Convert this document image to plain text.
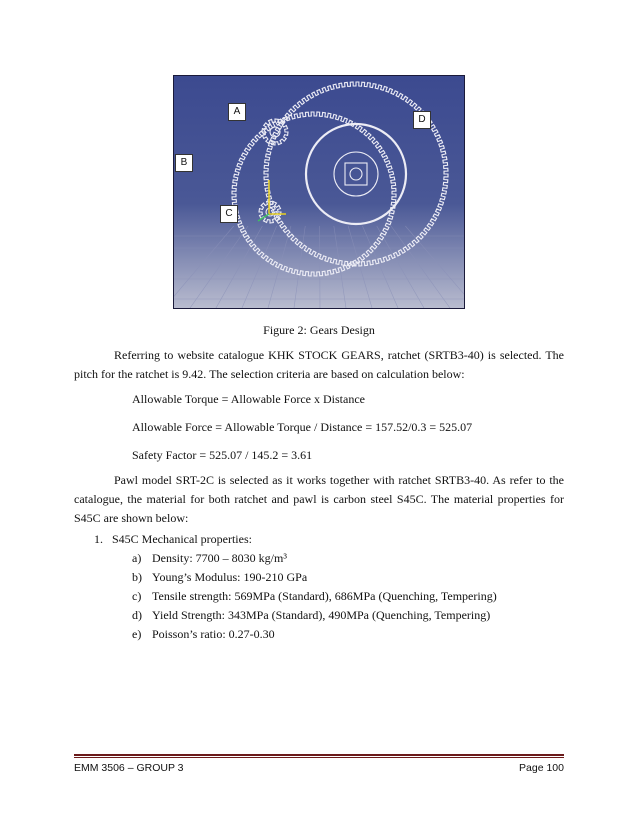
A
B
C
D
Figure 2: Gears Design
Referring to website catalogue KHK STOCK GEARS, ratchet (SRTB3-40) is selected. The pitch for the ratchet is 9.42. The selection criteria are based on calculation below:
Allowable Torque = Allowable Force x Distance
Allowable Force = Allowable Torque / Distance = 157.52/0.3 = 525.07
Safety Factor = 525.07 / 145.2 = 3.61
Pawl model SRT-2C is selected as it works together with ratchet SRTB3-40. As refer to the catalogue, the material for both ratchet and pawl is carbon steel S45C. The material properties for S45C are shown below:
1. S45C Mechanical properties:
a) Density: 7700 – 8030 kg/m³
b) Young’s Modulus: 190-210 GPa
c) Tensile strength: 569MPa (Standard), 686MPa (Quenching, Tempering)
d) Yield Strength: 343MPa (Standard), 490MPa (Quenching, Tempering)
e) Poisson’s ratio: 0.27-0.30
EMM 3506 – GROUP 3	Page 100
